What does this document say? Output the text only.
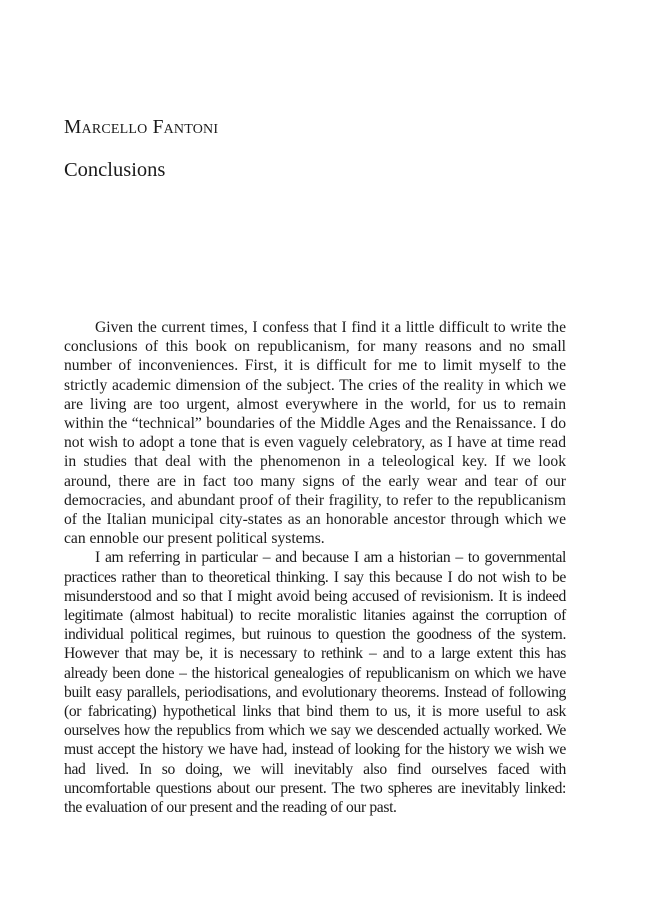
Marcello Fantoni
Conclusions

Given the current times, I confess that I find it a little difficult to write the conclusions of this book on republicanism, for many reasons and no small number of inconveniences. First, it is difficult for me to limit myself to the strictly academic dimension of the subject. The cries of the reality in which we are living are too urgent, almost everywhere in the world, for us to remain within the “technical” boundaries of the Middle Ages and the Renaissance. I do not wish to adopt a tone that is even vaguely celebratory, as I have at time read in studies that deal with the phenomenon in a teleological key. If we look around, there are in fact too many signs of the early wear and tear of our democracies, and abundant proof of their fragility, to refer to the republicanism of the Italian municipal city-states as an honorable ancestor through which we can ennoble our present political systems.

I am referring in particular – and because I am a historian – to governmental practices rather than to theoretical thinking. I say this because I do not wish to be misunderstood and so that I might avoid being accused of revisionism. It is indeed legitimate (almost habitual) to recite moralistic litanies against the corruption of individual political regimes, but ruinous to question the goodness of the system. However that may be, it is necessary to rethink – and to a large extent this has already been done – the historical genealogies of republicanism on which we have built easy parallels, periodisations, and evolutionary theorems. Instead of following (or fabricating) hypothetical links that bind them to us, it is more useful to ask ourselves how the republics from which we say we descended actually worked. We must accept the history we have had, instead of looking for the history we wish we had lived. In so doing, we will inevitably also find ourselves faced with uncomfortable questions about our present. The two spheres are inevitably linked: the evaluation of our present and the reading of our past.
